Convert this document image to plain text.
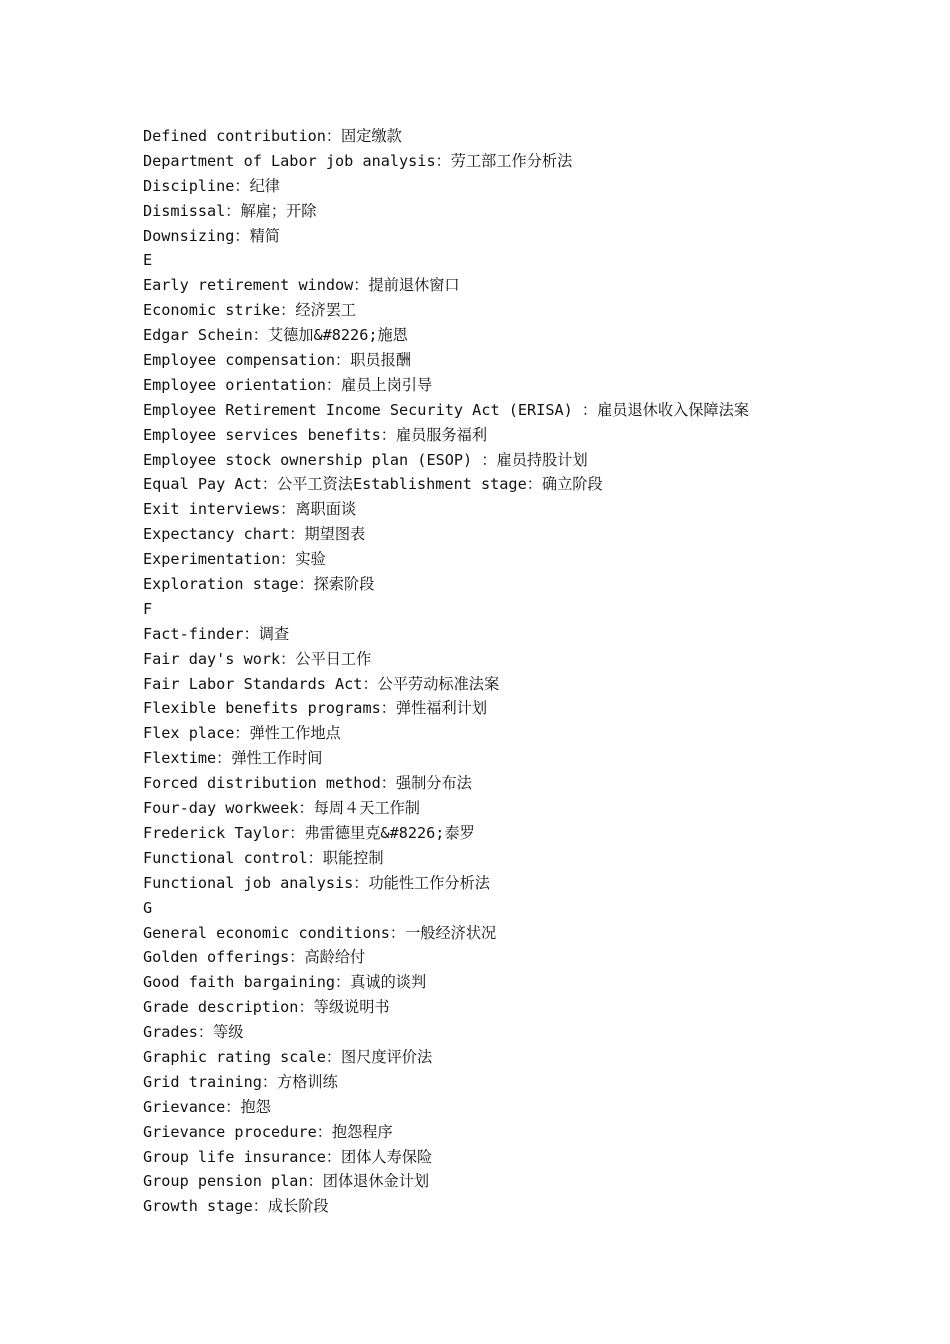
Defined contribution：固定缴款
Department of Labor job analysis：劳工部工作分析法
Discipline：纪律
Dismissal：解雇；开除
Downsizing：精简
E
Early retirement window：提前退休窗口
Economic strike：经济罢工
Edgar Schein：艾德加&#8226;施恩
Employee compensation：职员报酬
Employee orientation：雇员上岗引导
Employee Retirement Income Security Act (ERISA) ：雇员退休收入保障法案
Employee services benefits：雇员服务福利
Employee stock ownership plan (ESOP) ：雇员持股计划
Equal Pay Act：公平工资法Establishment stage：确立阶段
Exit interviews：离职面谈
Expectancy chart：期望图表
Experimentation：实验
Exploration stage：探索阶段
F
Fact-finder：调查
Fair day's work：公平日工作
Fair Labor Standards Act：公平劳动标准法案
Flexible benefits programs：弹性福利计划
Flex place：弹性工作地点
Flextime：弹性工作时间
Forced distribution method：强制分布法
Four-day workweek：每周４天工作制
Frederick Taylor：弗雷德里克&#8226;泰罗
Functional control：职能控制
Functional job analysis：功能性工作分析法
G
General economic conditions：一般经济状况
Golden offerings：高龄给付
Good faith bargaining：真诚的谈判
Grade description：等级说明书
Grades：等级
Graphic rating scale：图尺度评价法
Grid training：方格训练
Grievance：抱怨
Grievance procedure：抱怨程序
Group life insurance：团体人寿保险
Group pension plan：团体退休金计划
Growth stage：成长阶段
